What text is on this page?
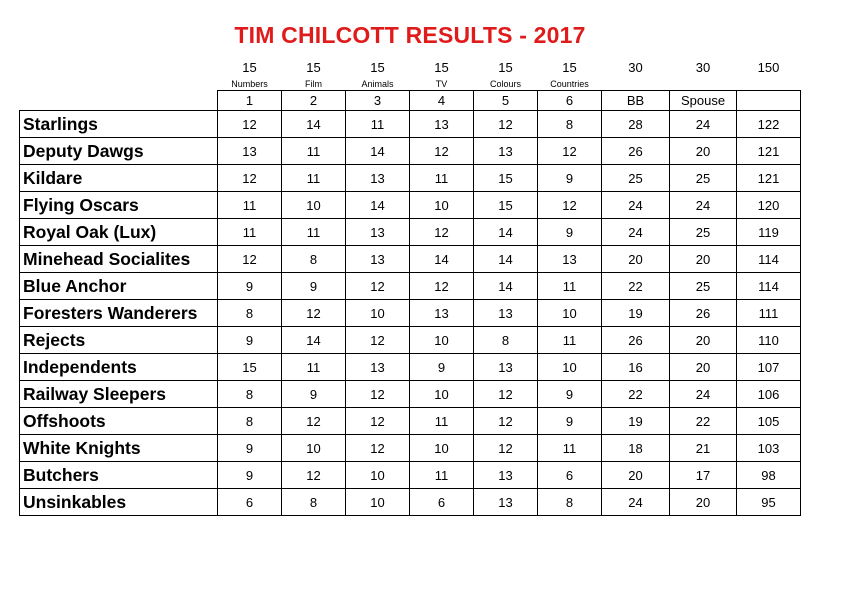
TIM CHILCOTT RESULTS - 2017
	15	15	15	15	15	15	30	30	150
	Numbers	Film	Animals	TV	Colours	Countries			
	1	2	3	4	5	6	BB	Spouse	
Starlings	12	14	11	13	12	8	28	24	122
Deputy Dawgs	13	11	14	12	13	12	26	20	121
Kildare	12	11	13	11	15	9	25	25	121
Flying Oscars	11	10	14	10	15	12	24	24	120
Royal Oak (Lux)	11	11	13	12	14	9	24	25	119
Minehead Socialites	12	8	13	14	14	13	20	20	114
Blue Anchor	9	9	12	12	14	11	22	25	114
Foresters Wanderers	8	12	10	13	13	10	19	26	111
Rejects	9	14	12	10	8	11	26	20	110
Independents	15	11	13	9	13	10	16	20	107
Railway Sleepers	8	9	12	10	12	9	22	24	106
Offshoots	8	12	12	11	12	9	19	22	105
White Knights	9	10	12	10	12	11	18	21	103
Butchers	9	12	10	11	13	6	20	17	98
Unsinkables	6	8	10	6	13	8	24	20	95
